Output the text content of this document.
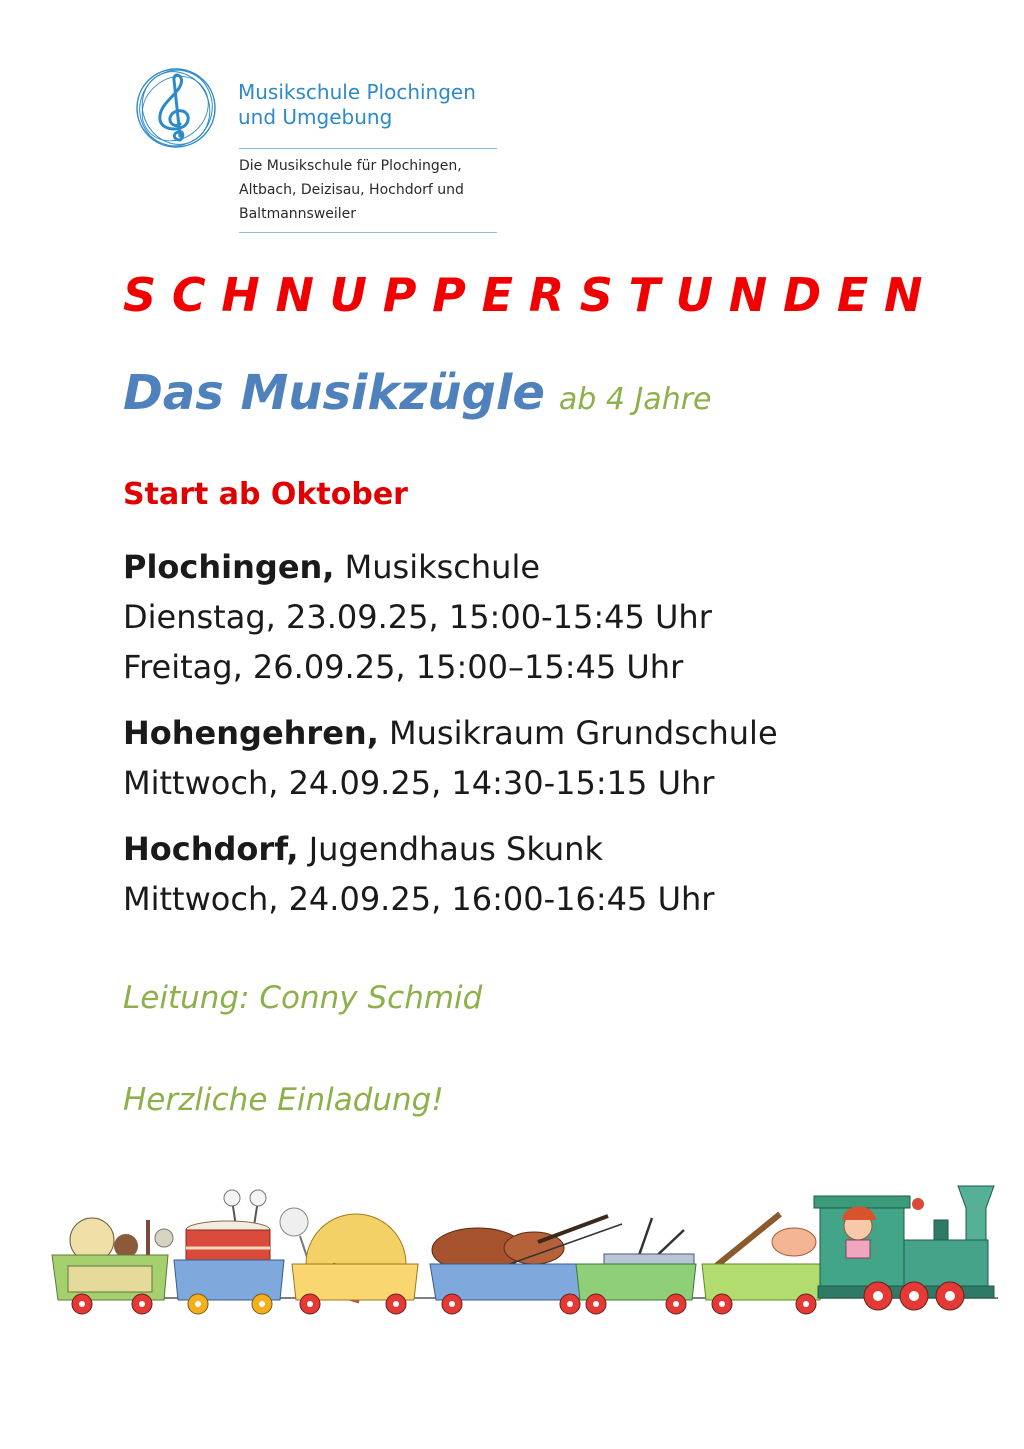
Musikschule Plochingen
und Umgebung
Die Musikschule für Plochingen,
Altbach, Deizisau, Hochdorf und
Baltmannsweiler
SCHNUPPERSTUNDEN
Das Musikzügle ab 4 Jahre
Start ab Oktober
Plochingen, Musikschule
Dienstag, 23.09.25, 15:00-15:45 Uhr
Freitag, 26.09.25, 15:00–15:45 Uhr
Hohengehren, Musikraum Grundschule
Mittwoch, 24.09.25, 14:30-15:15 Uhr
Hochdorf, Jugendhaus Skunk
Mittwoch, 24.09.25, 16:00-16:45 Uhr
Leitung: Conny Schmid
Herzliche Einladung!
